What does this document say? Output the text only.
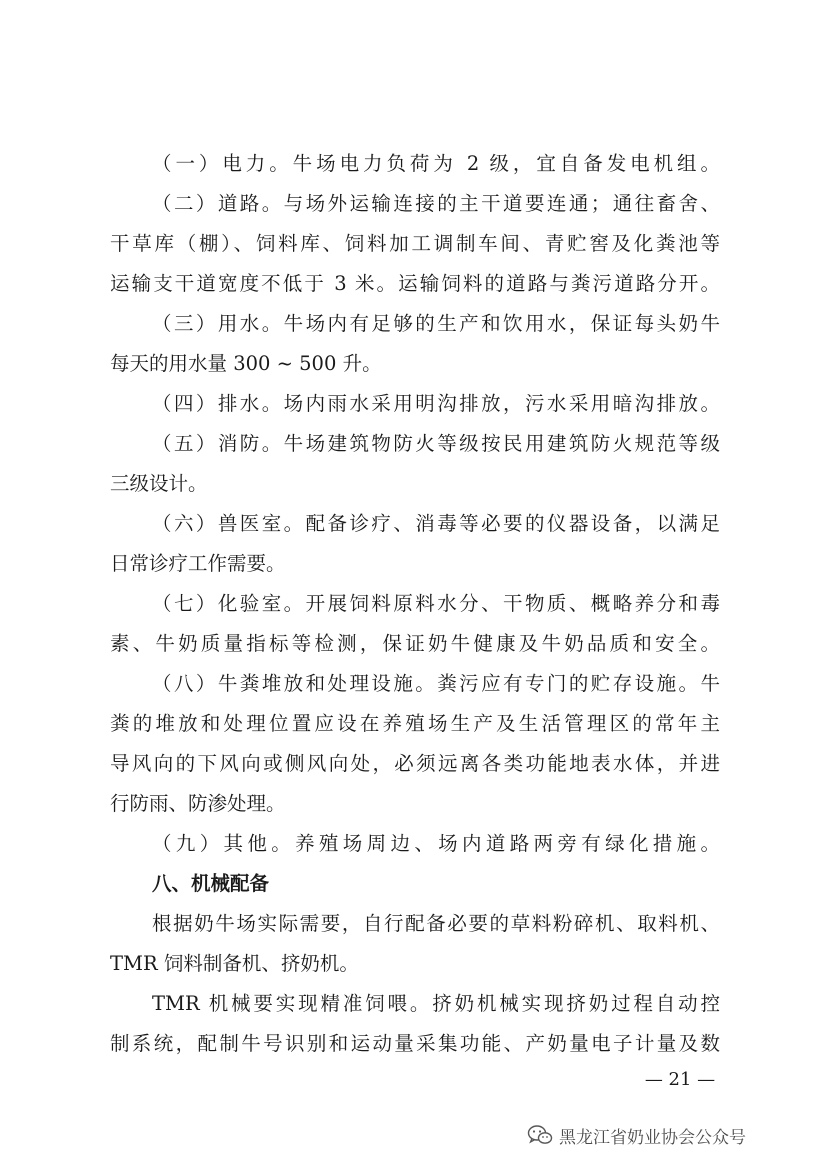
（一）电力。牛场电力负荷为 2 级，宜自备发电机组。
（二）道路。与场外运输连接的主干道要连通；通往畜舍、
干草库（棚）、饲料库、饲料加工调制车间、青贮窖及化粪池等
运输支干道宽度不低于 3 米。运输饲料的道路与粪污道路分开。
（三）用水。牛场内有足够的生产和饮用水，保证每头奶牛
每天的用水量 300 ~ 500 升。
（四）排水。场内雨水采用明沟排放，污水采用暗沟排放。
（五）消防。牛场建筑物防火等级按民用建筑防火规范等级
三级设计。
（六）兽医室。配备诊疗、消毒等必要的仪器设备，以满足
日常诊疗工作需要。
（七）化验室。开展饲料原料水分、干物质、概略养分和毒
素、牛奶质量指标等检测，保证奶牛健康及牛奶品质和安全。
（八）牛粪堆放和处理设施。粪污应有专门的贮存设施。牛
粪的堆放和处理位置应设在养殖场生产及生活管理区的常年主
导风向的下风向或侧风向处，必须远离各类功能地表水体，并进
行防雨、防渗处理。
（九）其他。养殖场周边、场内道路两旁有绿化措施。
八、机械配备
根据奶牛场实际需要，自行配备必要的草料粉碎机、取料机、
TMR 饲料制备机、挤奶机。
TMR 机械要实现精准饲喂。挤奶机械实现挤奶过程自动控
制系统，配制牛号识别和运动量采集功能、产奶量电子计量及数
— 21 —
黑龙江省奶业协会公众号
